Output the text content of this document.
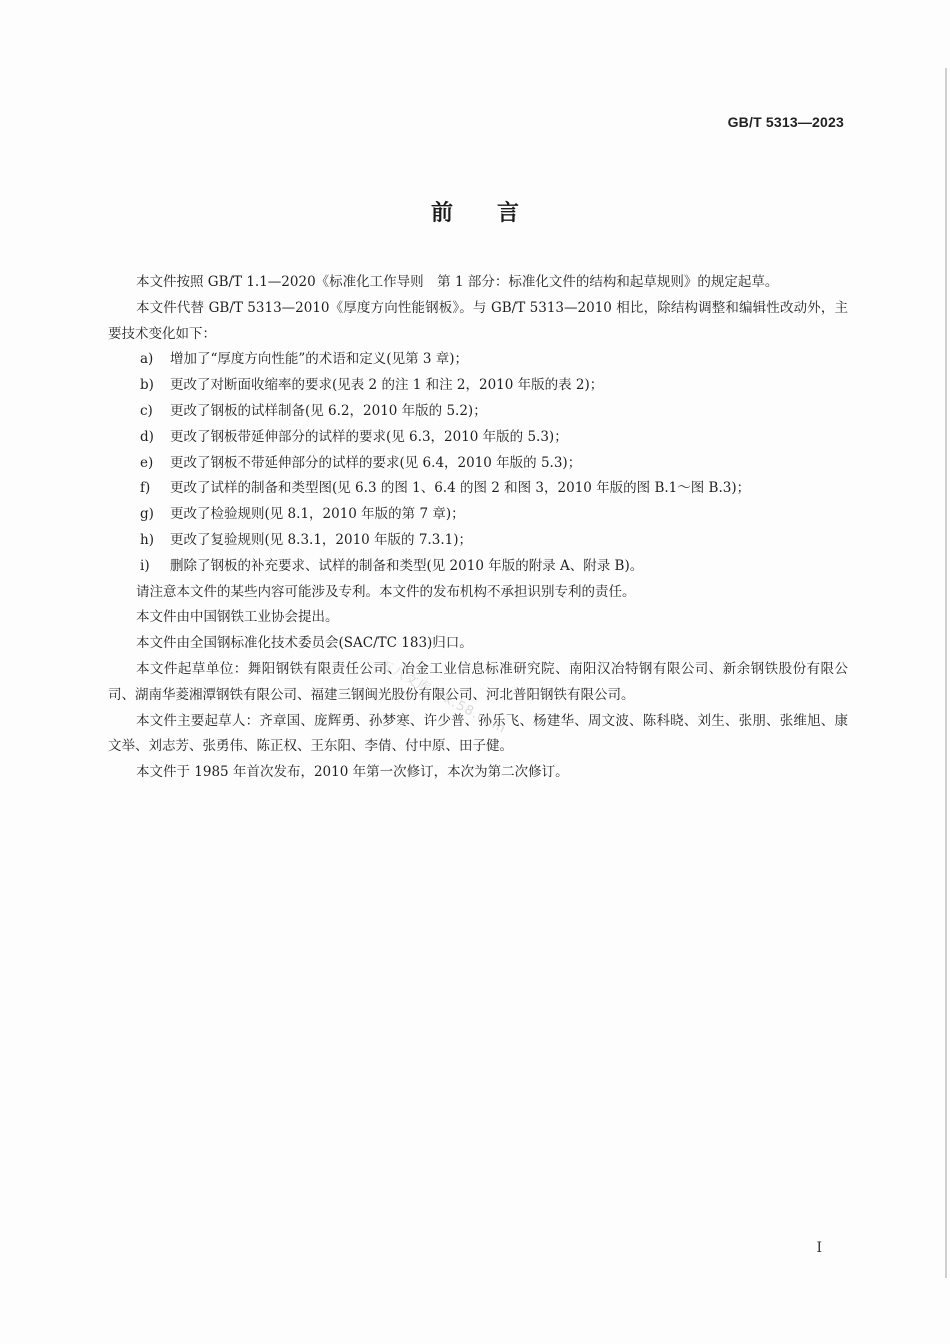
GB/T 5313—2023
前言

本文件按照 GB/T 1.1—2020《标准化工作导则　第 1 部分：标准化文件的结构和起草规则》的规定起草。

本文件代替 GB/T 5313—2010《厚度方向性能钢板》。与 GB/T 5313—2010 相比，除结构调整和编辑性改动外，主要技术变化如下：

a) 增加了“厚度方向性能”的术语和定义(见第 3 章)；

b) 更改了对断面收缩率的要求(见表 2 的注 1 和注 2，2010 年版的表 2)；

c) 更改了钢板的试样制备(见 6.2，2010 年版的 5.2)；

d) 更改了钢板带延伸部分的试样的要求(见 6.3，2010 年版的 5.3)；

e) 更改了钢板不带延伸部分的试样的要求(见 6.4，2010 年版的 5.3)；

f) 更改了试样的制备和类型图(见 6.3 的图 1、6.4 的图 2 和图 3，2010 年版的图 B.1～图 B.3)；

g) 更改了检验规则(见 8.1，2010 年版的第 7 章)；

h) 更改了复验规则(见 8.3.1，2010 年版的 7.3.1)；

i) 删除了钢板的补充要求、试样的制备和类型(见 2010 年版的附录 A、附录 B)。

请注意本文件的某些内容可能涉及专利。本文件的发布机构不承担识别专利的责任。

本文件由中国钢铁工业协会提出。

本文件由全国钢标准化技术委员会(SAC/TC 183)归口。

本文件起草单位：舞阳钢铁有限责任公司、冶金工业信息标准研究院、南阳汉冶特钢有限公司、新余钢铁股份有限公司、湖南华菱湘潭钢铁有限公司、福建三钢闽光股份有限公司、河北普阳钢铁有限公司。

本文件主要起草人：齐章国、庞辉勇、孙梦寒、许少普、孙乐飞、杨建华、周文波、陈科晓、刘生、张朋、张维旭、康文举、刘志芳、张勇伟、陈正权、王东阳、李倩、付中原、田子健。

本文件于 1985 年首次发布，2010 年第一次修订，本次为第二次修订。

五八文库 wk.58.com
I
